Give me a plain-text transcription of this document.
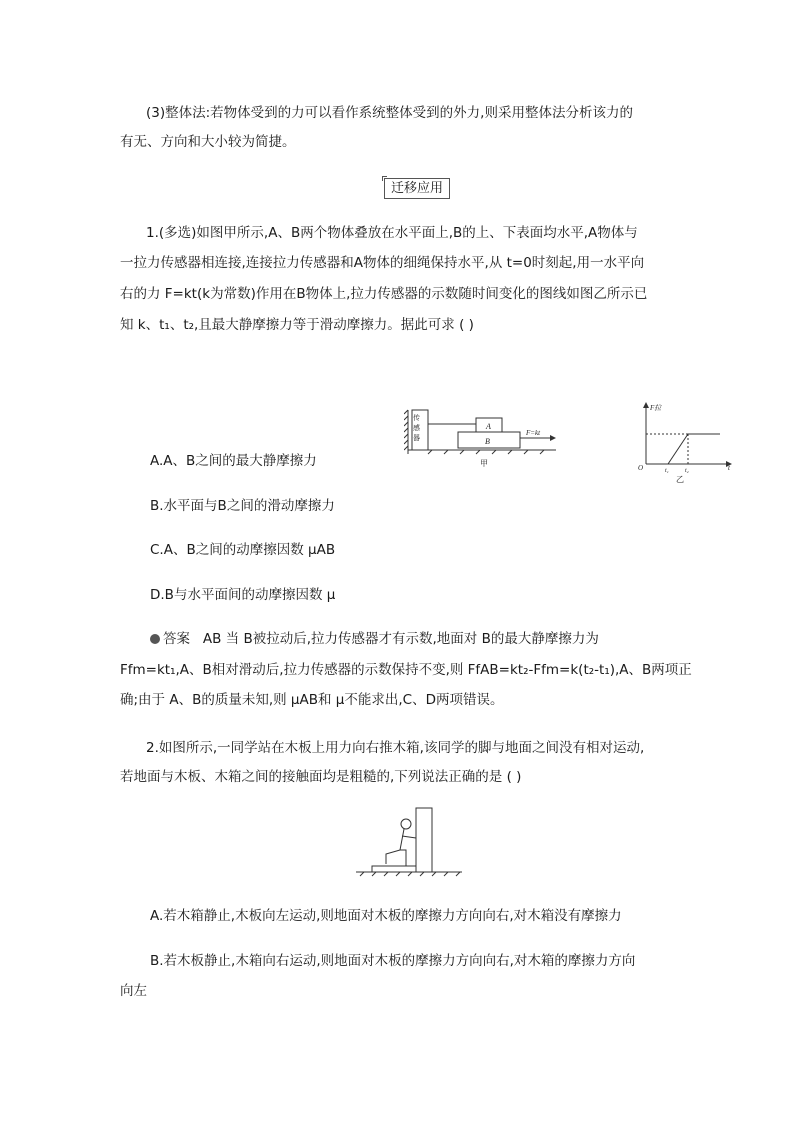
(3)整体法:若物体受到的力可以看作系统整体受到的外力,则采用整体法分析该力的
有无、方向和大小较为简捷。
迁移应用
1.(多选)如图甲所示,A、B两个物体叠放在水平面上,B的上、下表面均水平,A物体与
一拉力传感器相连接,连接拉力传感器和A物体的细绳保持水平,从 t=0时刻起,用一水平向
右的力 F=kt(k为常数)作用在B物体上,拉力传感器的示数随时间变化的图线如图乙所示已
知 k、t₁、t₂,且最大静摩擦力等于滑动摩擦力。据此可求 ( )
传
感
器
A
B
F=kt
甲
F拉
O	t₁	t₂	t
乙
A.A、B之间的最大静摩擦力
B.水平面与B之间的滑动摩擦力
C.A、B之间的动摩擦因数 μAB
D.B与水平面间的动摩擦因数 μ
答案 AB 当 B被拉动后,拉力传感器才有示数,地面对 B的最大静摩擦力为
Ffm=kt₁,A、B相对滑动后,拉力传感器的示数保持不变,则 FfAB=kt₂-Ffm=k(t₂-t₁),A、B两项正
确;由于 A、B的质量未知,则 μAB和 μ不能求出,C、D两项错误。
2.如图所示,一同学站在木板上用力向右推木箱,该同学的脚与地面之间没有相对运动,
若地面与木板、木箱之间的接触面均是粗糙的,下列说法正确的是 ( )
A.若木箱静止,木板向左运动,则地面对木板的摩擦力方向向右,对木箱没有摩擦力
B.若木板静止,木箱向右运动,则地面对木板的摩擦力方向向右,对木箱的摩擦力方向
向左
